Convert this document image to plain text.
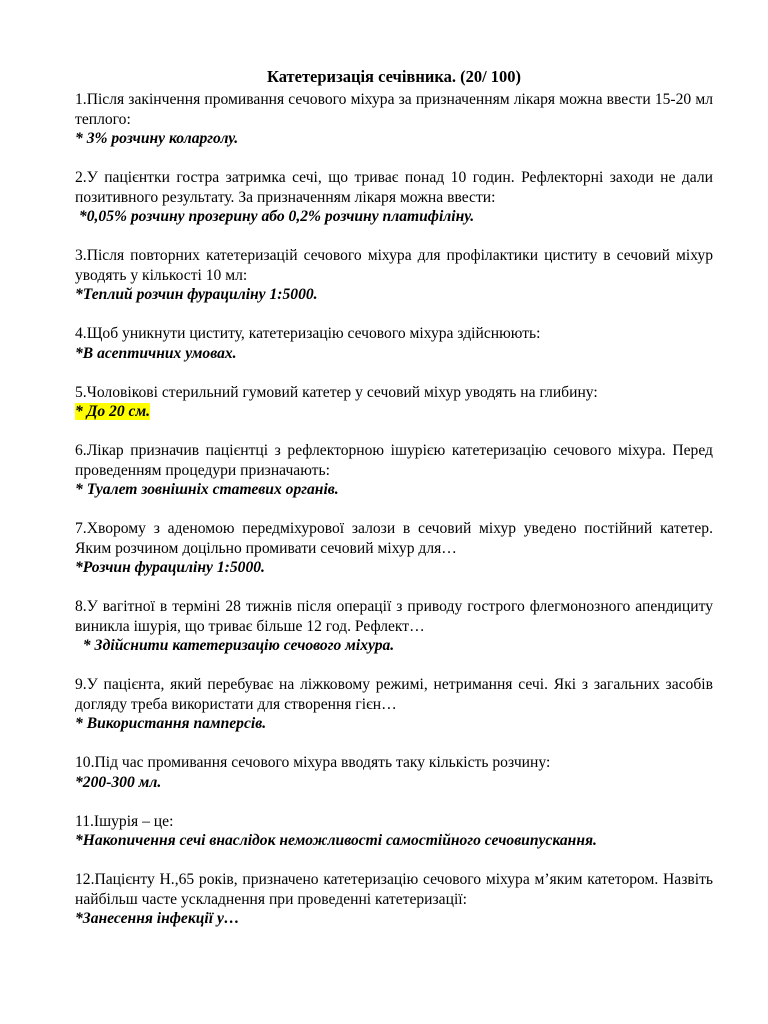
Катетеризація сечівника. (20/ 100)
1.Після закінчення промивання сечового міхура за призначенням лікаря можна ввести 15-20 мл теплого:
* 3% розчину коларголу.
2.У пацієнтки гостра затримка сечі, що триває понад 10 годин. Рефлекторні заходи не дали позитивного результату. За призначенням лікаря можна ввести:
*0,05% розчину прозерину або 0,2% розчину платифіліну.
3.Після повторних катетеризацій сечового міхура для профілактики циститу в сечовий міхур уводять у кількості 10 мл:
*Теплий розчин фурациліну 1:5000.
4.Щоб уникнути циститу, катетеризацію сечового міхура здійснюють:
*В асептичних умовах.
5.Чоловікові стерильний гумовий катетер у сечовий міхур уводять на глибину:
* До 20 см.
6.Лікар призначив пацієнтці з рефлекторною ішурією катетеризацію сечового міхура. Перед проведенням процедури призначають:
* Туалет зовнішніх статевих органів.
7.Хворому з аденомою передміхурової залози в сечовий міхур уведено постійний катетер. Яким розчином доцільно промивати сечовий міхур для…
*Розчин фурациліну 1:5000.
8.У вагітної в терміні 28 тижнів після операції з приводу гострого флегмонозного апендициту виникла ішурія, що триває більше 12 год. Рефлект…
* Здійснити катетеризацію сечового міхура.
9.У пацієнта, який перебуває на ліжковому режимі, нетримання сечі. Які з загальних засобів догляду треба використати для створення гієн…
* Використання памперсів.
10.Під час промивання сечового міхура вводять таку кількість розчину:
*200-300 мл.
11.Ішурія – це:
*Накопичення сечі внаслідок неможливості самостійного сечовипускання.
12.Пацієнту Н.,65 років, призначено катетеризацію сечового міхура м’яким катетором. Назвіть найбільш часте ускладнення при проведенні катетеризації:
*Занесення інфекції у…
